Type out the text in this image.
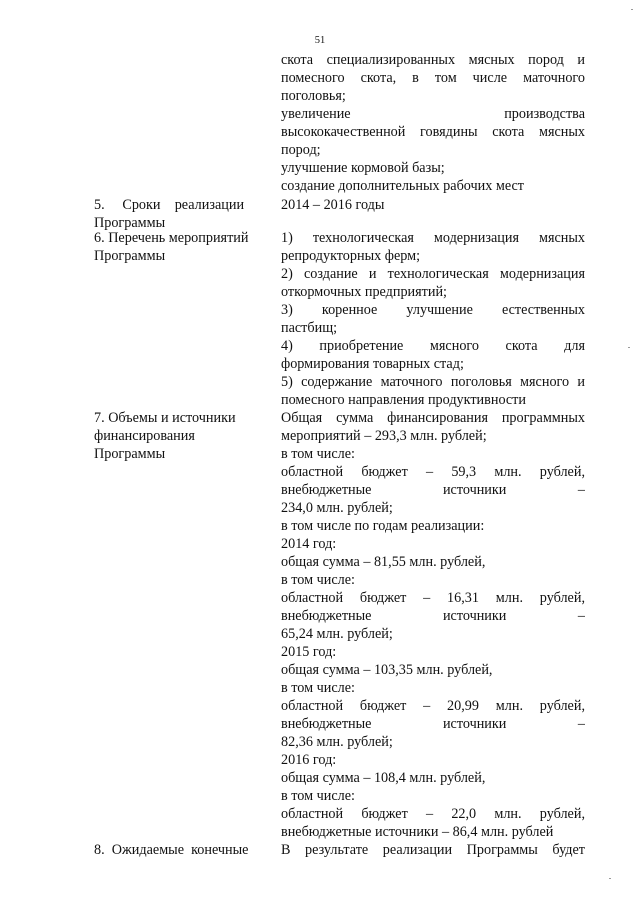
51
5.     Сроки    реализации
Программы
6. Перечень мероприятий
Программы
7. Объемы и источники
финансирования
Программы
8.  Ожидаемые  конечные
скота специализированных мясных пород и
помесного скота, в том числе маточного
поголовья;
увеличение производства
высококачественной говядины скота мясных
пород;
улучшение кормовой базы;
создание дополнительных рабочих мест
2014 – 2016 годы
1) технологическая модернизация мясных
репродукторных ферм;
2) создание и технологическая модернизация
откормочных предприятий;
3) коренное улучшение естественных
пастбищ;
4) приобретение мясного скота для
формирования товарных стад;
5) содержание маточного поголовья мясного и
помесного направления продуктивности
Общая сумма финансирования программных
мероприятий – 293,3 млн. рублей;
в том числе:
областной бюджет – 59,3 млн. рублей,
внебюджетные источники –
234,0 млн. рублей;
в том числе по годам реализации:
2014 год:
общая сумма – 81,55 млн. рублей,
в том числе:
областной бюджет – 16,31 млн. рублей,
внебюджетные источники –
65,24 млн. рублей;
2015 год:
общая сумма – 103,35 млн. рублей,
в том числе:
областной бюджет – 20,99 млн. рублей,
внебюджетные источники –
82,36 млн. рублей;
2016 год:
общая сумма – 108,4 млн. рублей,
в том числе:
областной бюджет – 22,0 млн. рублей,
внебюджетные источники – 86,4 млн. рублей
В результате реализации Программы будет
